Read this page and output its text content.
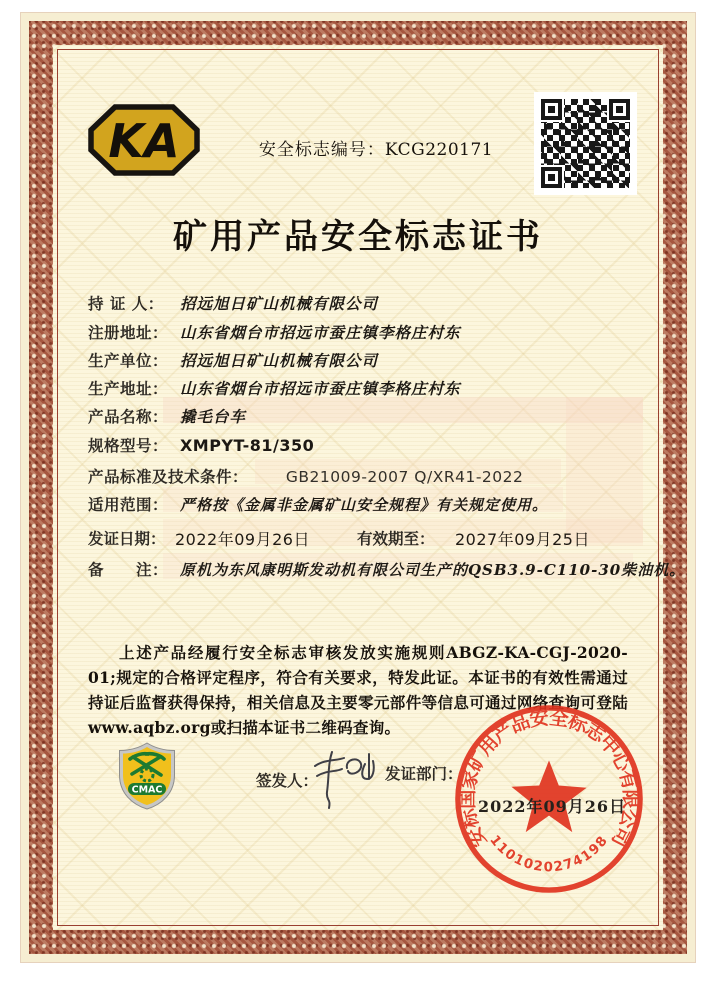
KA	安全标志编号：KCG220171
矿用产品安全标志证书
持 证 人： 招远旭日矿山机械有限公司
注册地址： 山东省烟台市招远市蚕庄镇李格庄村东
生产单位： 招远旭日矿山机械有限公司
生产地址： 山东省烟台市招远市蚕庄镇李格庄村东
产品名称： 撬毛台车
规格型号： XMPYT-81/350
产品标准及技术条件： GB21009-2007 Q/XR41-2022
适用范围： 严格按《金属非金属矿山安全规程》有关规定使用。
发证日期： 2022年09月26日	有效期至： 2027年09月25日
备　　注： 原机为东风康明斯发动机有限公司生产的QSB3.9-C110-30柴油机。
上述产品经履行安全标志审核发放实施规则ABGZ-KA-CGJ-2020-01;规定的合格评定程序，符合有关要求，特发此证。本证书的有效性需通过持证后监督获得保持，相关信息及主要零元部件等信息可通过网络查询可登陆www.aqbz.org或扫描本证书二维码查询。
CMAC	签发人：	发证部门：
安标国家矿用产品安全标志中心有限公司
1101020274198
2022年09月26日
